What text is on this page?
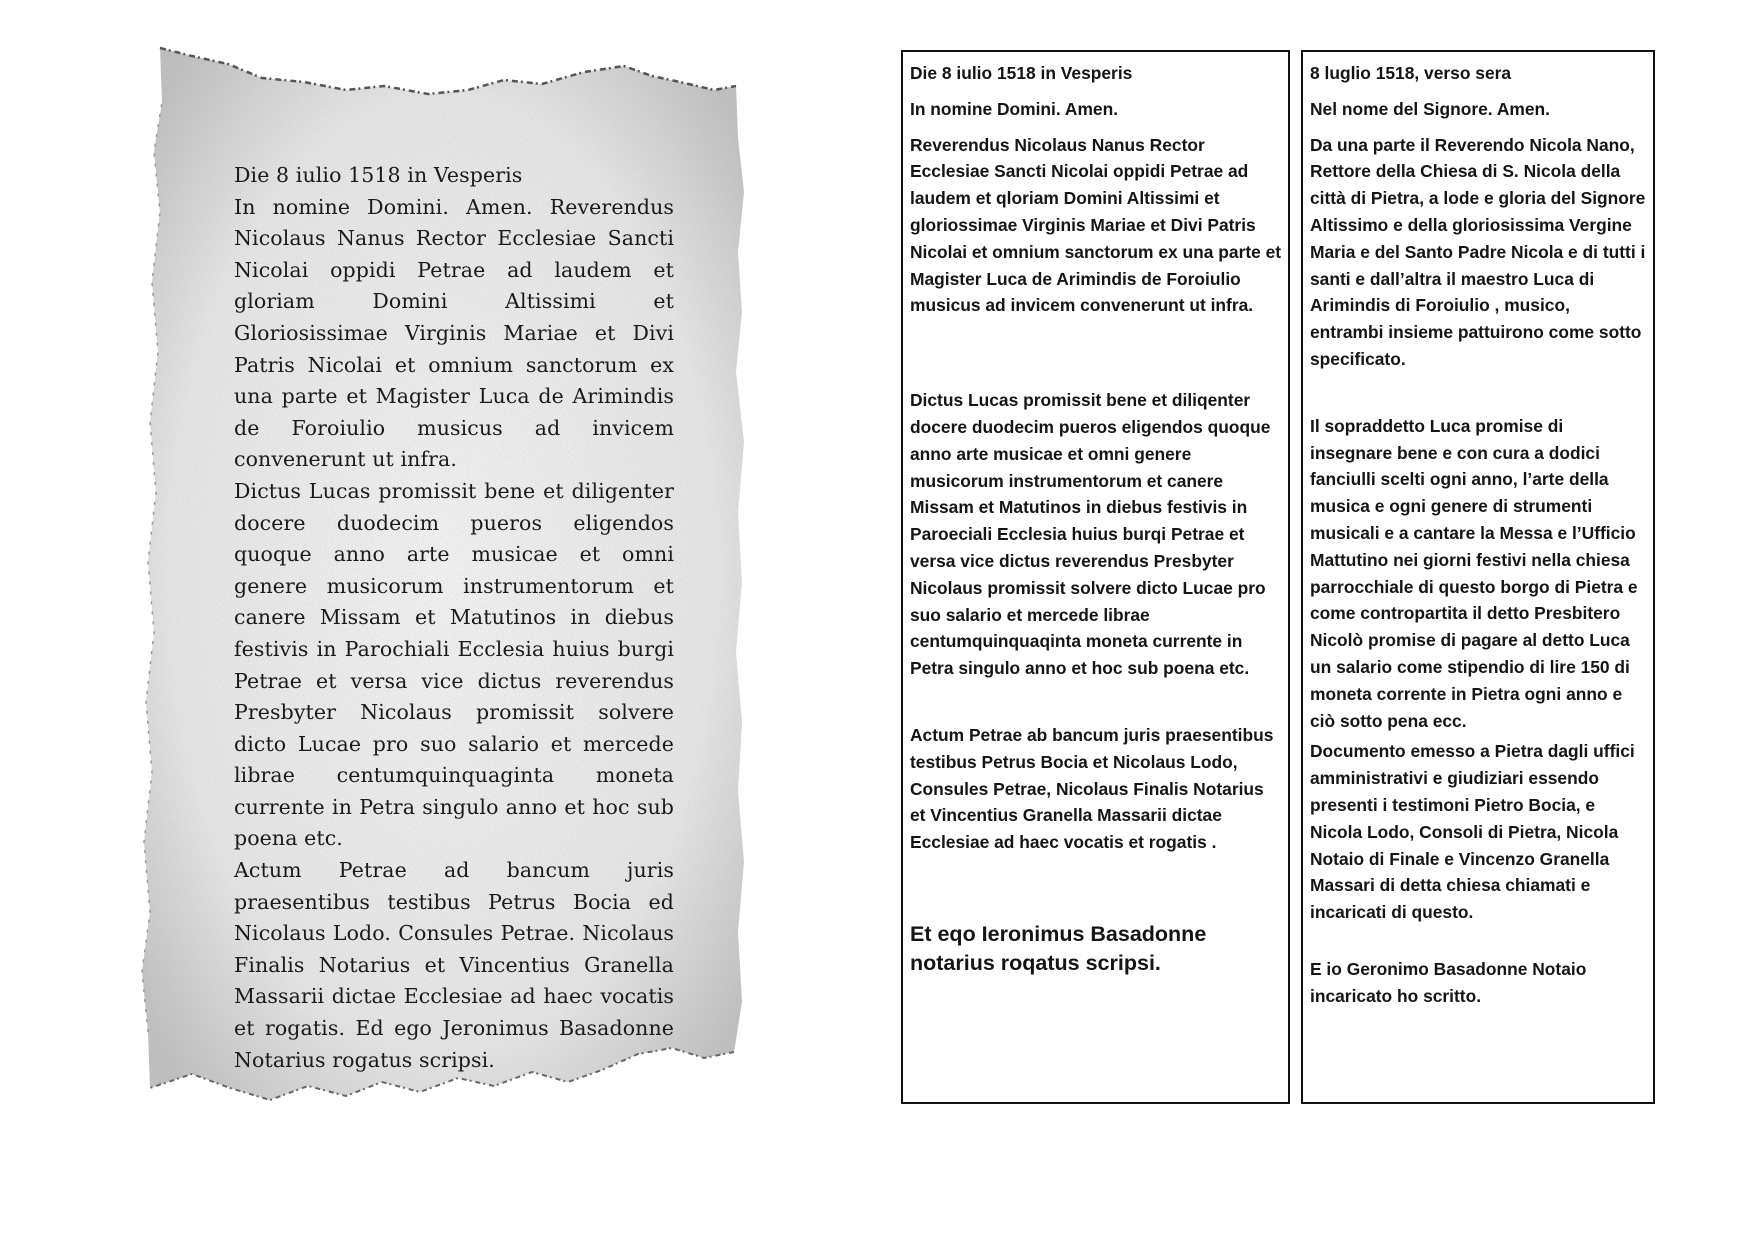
Die 8 iulio 1518 in Vesperis

In nomine Domini. Amen. Reverendus Nicolaus Nanus Rector Ecclesiae Sancti Nicolai oppidi Petrae ad laudem et gloriam Domini Altissimi et Gloriosissimae Virginis Mariae et Divi Patris Nicolai et omnium sanctorum ex una parte et Magister Luca de Arimindis de Foroiulio musicus ad invicem convenerunt ut infra.

Dictus Lucas promissit bene et diligenter docere duodecim pueros eligendos quoque anno arte musicae et omni genere musicorum instrumentorum et canere Missam et Matutinos in diebus festivis in Parochiali Ecclesia huius burgi Petrae et versa vice dictus reverendus Presbyter Nicolaus promissit solvere dicto Lucae pro suo salario et mercede librae centumquinquaginta moneta currente in Petra singulo anno et hoc sub poena etc.

Actum Petrae ad bancum juris praesentibus testibus Petrus Bocia ed Nicolaus Lodo. Consules Petrae. Nicolaus Finalis Notarius et Vincentius Granella Massarii dictae Ecclesiae ad haec vocatis et rogatis. Ed ego Jeronimus Basadonne Notarius rogatus scripsi.

Die 8 iulio 1518 in Vesperis

In nomine Domini. Amen.

Reverendus Nicolaus Nanus Rector Ecclesiae Sancti Nicolai oppidi Petrae ad laudem et qloriam Domini Altissimi et gloriossimae Virginis Mariae et Divi Patris Nicolai et omnium sanctorum ex una parte et Magister Luca de Arimindis de Foroiulio musicus ad invicem convenerunt ut infra.

Dictus Lucas promissit bene et diliqenter docere duodecim pueros eligendos quoque anno arte musicae et omni genere musicorum instrumentorum et canere Missam et Matutinos in diebus festivis in Paroeciali Ecclesia huius burqi Petrae et versa vice dictus reverendus Presbyter Nicolaus promissit solvere dicto Lucae pro suo salario et mercede librae centumquinquaqinta moneta currente in Petra singulo anno et hoc sub poena etc.

Actum Petrae ab bancum juris praesentibus testibus Petrus Bocia et Nicolaus Lodo, Consules Petrae, Nicolaus Finalis Notarius et Vincentius Granella Massarii dictae Ecclesiae ad haec vocatis et rogatis .

Et eqo Ieronimus Basadonne notarius roqatus scripsi.

8 luglio 1518, verso sera

Nel nome del Signore. Amen.

Da una parte il Reverendo Nicola Nano, Rettore della Chiesa di S. Nicola della città di Pietra, a lode e gloria del Signore Altissimo e della gloriosissima Vergine Maria e del Santo Padre Nicola e di tutti i santi e dall’altra il maestro Luca di Arimindis di Foroiulio , musico, entrambi insieme pattuirono come sotto specificato.

Il sopraddetto Luca promise di insegnare bene e con cura a dodici fanciulli scelti ogni anno, l’arte della musica e ogni genere di strumenti musicali e a cantare la Messa e l’Ufficio Mattutino nei giorni festivi nella chiesa parrocchiale di questo borgo di Pietra e come contropartita il detto Presbitero Nicolò promise di pagare al detto Luca un salario come stipendio di lire 150 di moneta corrente in Pietra ogni anno e ciò sotto pena ecc.

Documento emesso a Pietra dagli uffici amministrativi e giudiziari essendo presenti i testimoni Pietro Bocia, e Nicola Lodo, Consoli di Pietra, Nicola Notaio di Finale e Vincenzo Granella Massari di detta chiesa chiamati e incaricati di questo.

E io Geronimo Basadonne Notaio incaricato ho scritto.
